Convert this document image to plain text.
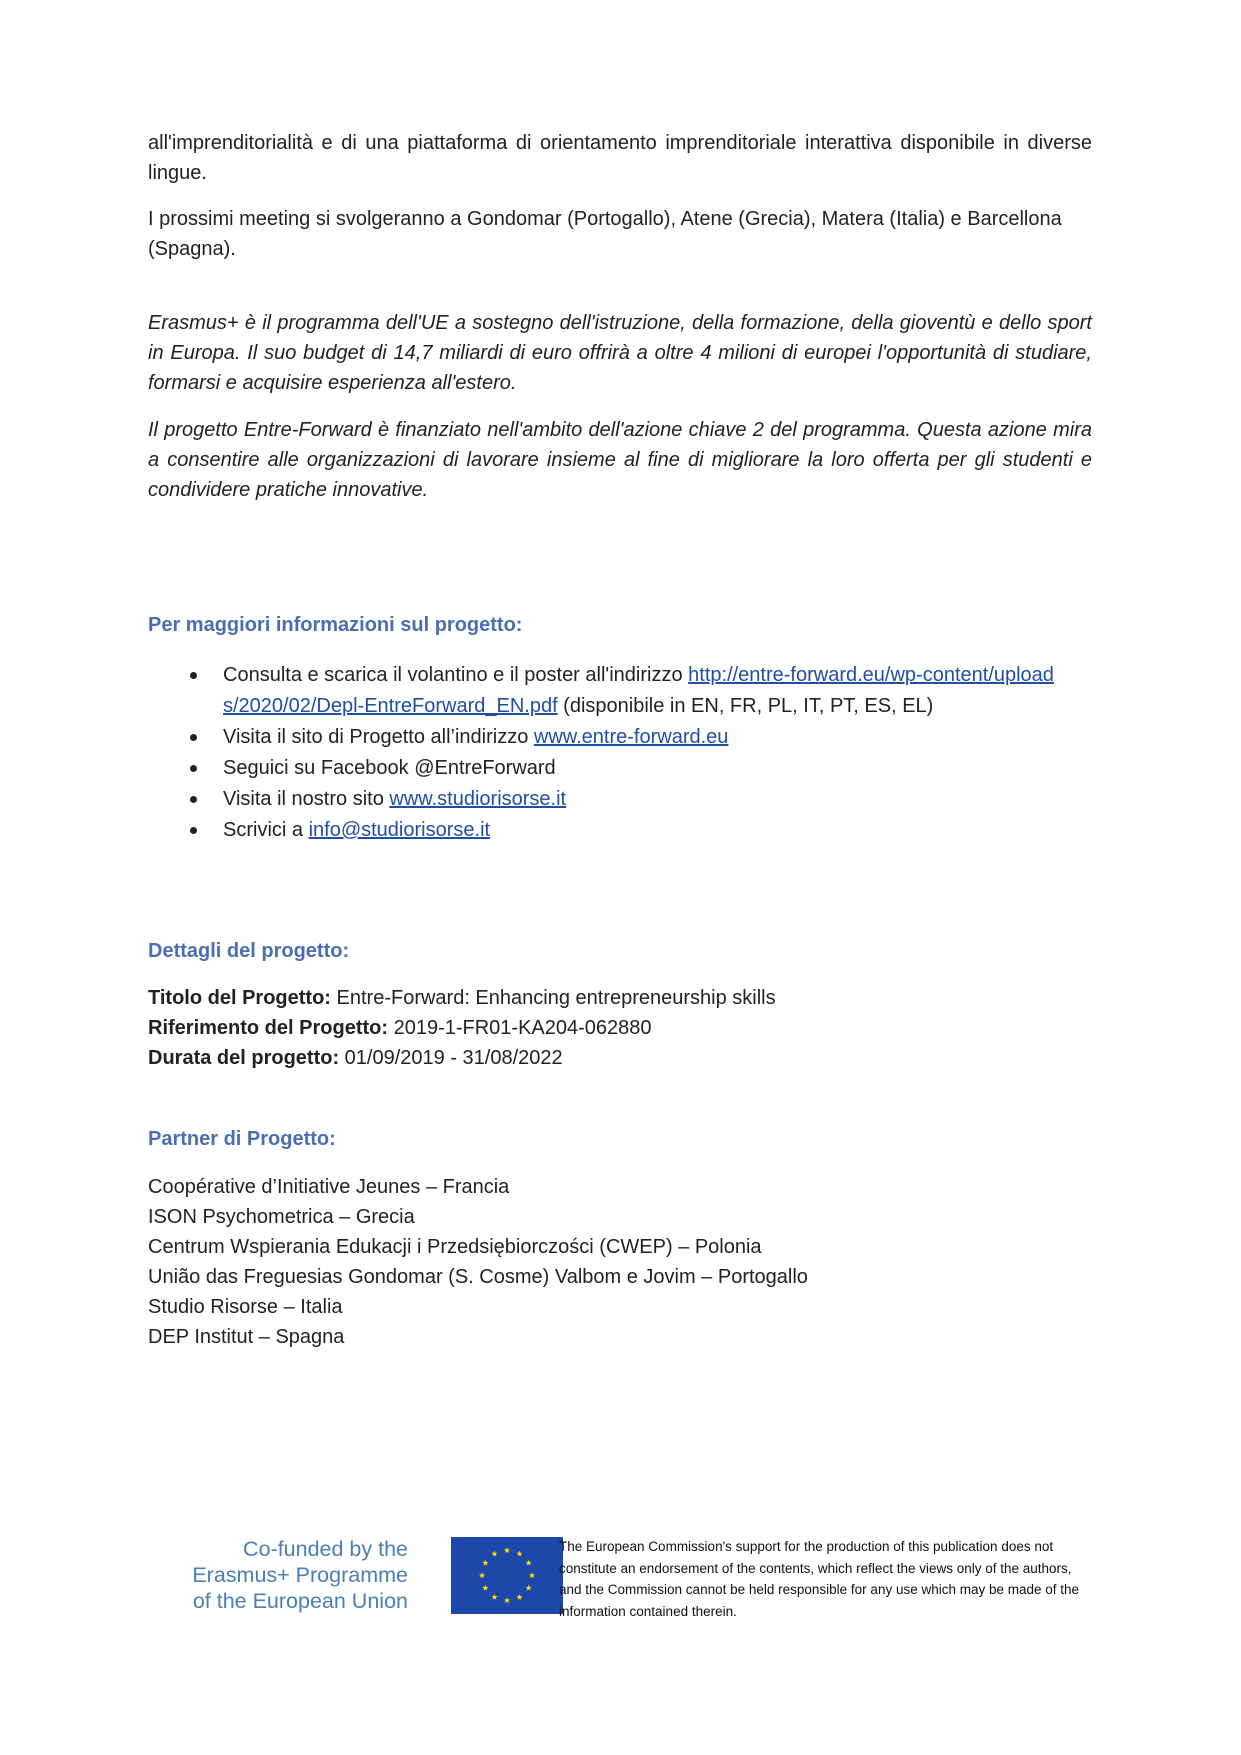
all'imprenditorialità e di una piattaforma di orientamento imprenditoriale interattiva disponibile in diverse lingue.

I prossimi meeting si svolgeranno a Gondomar (Portogallo), Atene (Grecia), Matera (Italia) e Barcellona (Spagna).

Erasmus+ è il programma dell'UE a sostegno dell'istruzione, della formazione, della gioventù e dello sport in Europa. Il suo budget di 14,7 miliardi di euro offrirà a oltre 4 milioni di europei l'opportunità di studiare, formarsi e acquisire esperienza all'estero.

Il progetto Entre-Forward è finanziato nell'ambito dell'azione chiave 2 del programma. Questa azione mira a consentire alle organizzazioni di lavorare insieme al fine di migliorare la loro offerta per gli studenti e condividere pratiche innovative.

Per maggiori informazioni sul progetto:
Consulta e scarica il volantino e il poster all'indirizzo http://entre-forward.eu/wp-content/uploads/2020/02/Depl-EntreForward_EN.pdf (disponibile in EN, FR, PL, IT, PT, ES, EL)
Visita il sito di Progetto all’indirizzo www.entre-forward.eu
Seguici su Facebook @EntreForward
Visita il nostro sito www.studiorisorse.it
Scrivici a info@studiorisorse.it
Dettagli del progetto:
Titolo del Progetto: Entre-Forward: Enhancing entrepreneurship skills
Riferimento del Progetto: 2019-1-FR01-KA204-062880
Durata del progetto: 01/09/2019 - 31/08/2022
Partner di Progetto:
Coopérative d’Initiative Jeunes – Francia
ISON Psychometrica – Grecia
Centrum Wspierania Edukacji i Przedsiębiorczości (CWEP) – Polonia
União das Freguesias Gondomar (S. Cosme) Valbom e Jovim – Portogallo
Studio Risorse – Italia
DEP Institut – Spagna
Co-funded by the
Erasmus+ Programme
of the European Union
The European Commission's support for the production of this publication does not constitute an endorsement of the contents, which reflect the views only of the authors, and the Commission cannot be held responsible for any use which may be made of the information contained therein.
